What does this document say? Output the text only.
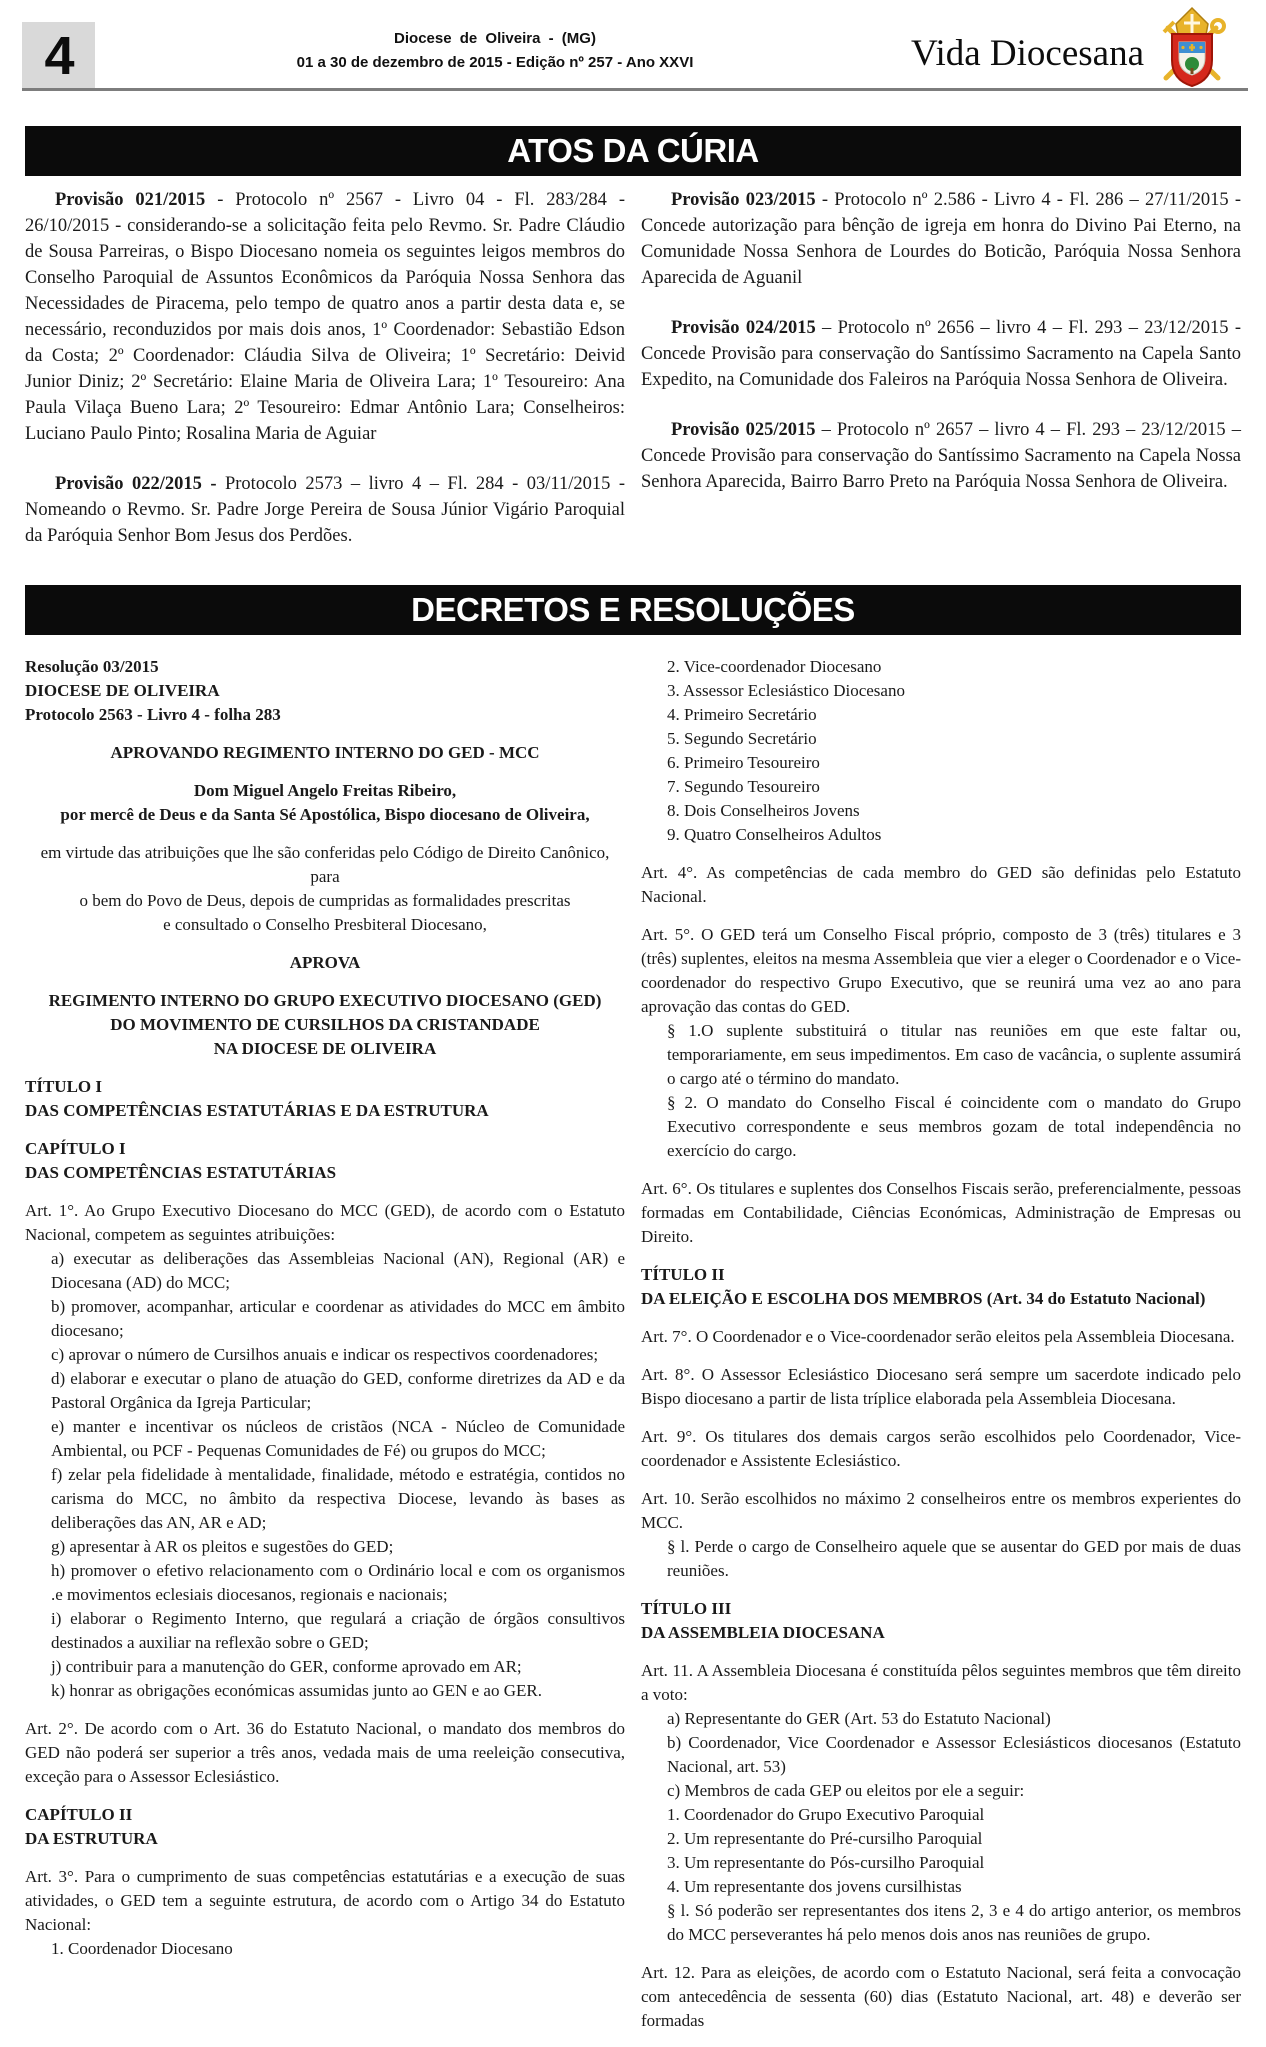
4	Diocese de Oliveira - (MG)
01 a 30 de dezembro de 2015 - Edição nº 257 - Ano XXVI	Vida Diocesana
ATOS DA CÚRIA
Provisão 021/2015 - Protocolo nº 2567 - Livro 04 - Fl. 283/284 - 26/10/2015 - considerando-se a solicitação feita pelo Revmo. Sr. Padre Cláudio de Sousa Parreiras, o Bispo Diocesano nomeia os seguintes leigos membros do Conselho Paroquial de Assuntos Econômicos da Paróquia Nossa Senhora das Necessidades de Piracema, pelo tempo de quatro anos a partir desta data e, se necessário, reconduzidos por mais dois anos, 1º Coordenador: Sebastião Edson da Costa; 2º Coordenador: Cláudia Silva de Oliveira; 1º Secretário: Deivid Junior Diniz; 2º Secretário: Elaine Maria de Oliveira Lara; 1º Tesoureiro: Ana Paula Vilaça Bueno Lara; 2º Tesoureiro: Edmar Antônio Lara; Conselheiros: Luciano Paulo Pinto; Rosalina Maria de Aguiar
Provisão 022/2015 - Protocolo 2573 – livro 4 – Fl. 284 - 03/11/2015 - Nomeando o Revmo. Sr. Padre Jorge Pereira de Sousa Júnior Vigário Paroquial da Paróquia Senhor Bom Jesus dos Perdões.
Provisão 023/2015 - Protocolo nº 2.586 - Livro 4 - Fl. 286 – 27/11/2015 - Concede autorização para bênção de igreja em honra do Divino Pai Eterno, na Comunidade Nossa Senhora de Lourdes do Boticão, Paróquia Nossa Senhora Aparecida de Aguanil
Provisão 024/2015 – Protocolo nº 2656 – livro 4 – Fl. 293 – 23/12/2015 - Concede Provisão para conservação do Santíssimo Sacramento na Capela Santo Expedito, na Comunidade dos Faleiros na Paróquia Nossa Senhora de Oliveira.
Provisão 025/2015 – Protocolo nº 2657 – livro 4 – Fl. 293 – 23/12/2015 – Concede Provisão para conservação do Santíssimo Sacramento na Capela Nossa Senhora Aparecida, Bairro Barro Preto na Paróquia Nossa Senhora de Oliveira.
DECRETOS E RESOLUÇÕES
Resolução 03/2015
DIOCESE DE OLIVEIRA
Protocolo 2563 - Livro 4 - folha 283
APROVANDO REGIMENTO INTERNO DO GED - MCC
Dom Miguel Angelo Freitas Ribeiro,
por mercê de Deus e da Santa Sé Apostólica, Bispo diocesano de Oliveira,
em virtude das atribuições que lhe são conferidas pelo Código de Direito Canônico, para
o bem do Povo de Deus, depois de cumpridas as formalidades prescritas
e consultado o Conselho Presbiteral Diocesano,
APROVA
REGIMENTO INTERNO DO GRUPO EXECUTIVO DIOCESANO (GED)
DO MOVIMENTO DE CURSILHOS DA CRISTANDADE
NA DIOCESE DE OLIVEIRA
TÍTULO I
DAS COMPETÊNCIAS ESTATUTÁRIAS E DA ESTRUTURA
CAPÍTULO I
DAS COMPETÊNCIAS ESTATUTÁRIAS
Art. 1°. Ao Grupo Executivo Diocesano do MCC (GED), de acordo com o Estatuto Nacional, competem as seguintes atribuições:
a) executar as deliberações das Assembleias Nacional (AN), Regional (AR) e Diocesana (AD) do MCC;
b) promover, acompanhar, articular e coordenar as atividades do MCC em âmbito diocesano;
c) aprovar o número de Cursilhos anuais e indicar os respectivos coordenadores;
d) elaborar e executar o plano de atuação do GED, conforme diretrizes da AD e da Pastoral Orgânica da Igreja Particular;
e) manter e incentivar os núcleos de cristãos (NCA - Núcleo de Comunidade Ambiental, ou PCF - Pequenas Comunidades de Fé) ou grupos do MCC;
f) zelar pela fidelidade à mentalidade, finalidade, método e estratégia, contidos no carisma do MCC, no âmbito da respectiva Diocese, levando às bases as deliberações das AN, AR e AD;
g) apresentar à AR os pleitos e sugestões do GED;
h) promover o efetivo relacionamento com o Ordinário local e com os organismos .e movimentos eclesiais diocesanos, regionais e nacionais;
i) elaborar o Regimento Interno, que regulará a criação de órgãos consultivos destinados a auxiliar na reflexão sobre o GED;
j) contribuir para a manutenção do GER, conforme aprovado em AR;
k) honrar as obrigações económicas assumidas junto ao GEN e ao GER.
Art. 2°. De acordo com o Art. 36 do Estatuto Nacional, o mandato dos membros do GED não poderá ser superior a três anos, vedada mais de uma reeleição consecutiva, exceção para o Assessor Eclesiástico.
CAPÍTULO II
DA ESTRUTURA
Art. 3°. Para o cumprimento de suas competências estatutárias e a execução de suas atividades, o GED tem a seguinte estrutura, de acordo com o Artigo 34 do Estatuto Nacional:
1. Coordenador Diocesano
2. Vice-coordenador Diocesano
3. Assessor Eclesiástico Diocesano
4. Primeiro Secretário
5. Segundo Secretário
6. Primeiro Tesoureiro
7. Segundo Tesoureiro
8. Dois Conselheiros Jovens
9. Quatro Conselheiros Adultos
Art. 4°. As competências de cada membro do GED são definidas pelo Estatuto Nacional.
Art. 5°. O GED terá um Conselho Fiscal próprio, composto de 3 (três) titulares e 3 (três) suplentes, eleitos na mesma Assembleia que vier a eleger o Coordenador e o Vice-coordenador do respectivo Grupo Executivo, que se reunirá uma vez ao ano para aprovação das contas do GED.
§ 1.O suplente substituirá o titular nas reuniões em que este faltar ou, temporariamente, em seus impedimentos. Em caso de vacância, o suplente assumirá o cargo até o término do mandato.
§ 2. O mandato do Conselho Fiscal é coincidente com o mandato do Grupo Executivo correspondente e seus membros gozam de total independência no exercício do cargo.
Art. 6°. Os titulares e suplentes dos Conselhos Fiscais serão, preferencialmente, pessoas formadas em Contabilidade, Ciências Económicas, Administração de Empresas ou Direito.
TÍTULO II
DA ELEIÇÃO E ESCOLHA DOS MEMBROS (Art. 34 do Estatuto Nacional)
Art. 7°. O Coordenador e o Vice-coordenador serão eleitos pela Assembleia Diocesana.
Art. 8°. O Assessor Eclesiástico Diocesano será sempre um sacerdote indicado pelo Bispo diocesano a partir de lista tríplice elaborada pela Assembleia Diocesana.
Art. 9°. Os titulares dos demais cargos serão escolhidos pelo Coordenador, Vice-coordenador e Assistente Eclesiástico.
Art. 10. Serão escolhidos no máximo 2 conselheiros entre os membros experientes do MCC.
§ l. Perde o cargo de Conselheiro aquele que se ausentar do GED por mais de duas reuniões.
TÍTULO III
DA ASSEMBLEIA DIOCESANA
Art. 11. A Assembleia Diocesana é constituída pêlos seguintes membros que têm direito a voto:
a) Representante do GER (Art. 53 do Estatuto Nacional)
b) Coordenador, Vice Coordenador e Assessor Eclesiásticos diocesanos (Estatuto Nacional, art. 53)
c) Membros de cada GEP ou eleitos por ele a seguir:
1. Coordenador do Grupo Executivo Paroquial
2. Um representante do Pré-cursilho Paroquial
3. Um representante do Pós-cursilho Paroquial
4. Um representante dos jovens cursilhistas
§ l. Só poderão ser representantes dos itens 2, 3 e 4 do artigo anterior, os membros do MCC perseverantes há pelo menos dois anos nas reuniões de grupo.
Art. 12. Para as eleições, de acordo com o Estatuto Nacional, será feita a convocação com antecedência de sessenta (60) dias (Estatuto Nacional, art. 48) e deverão ser formadas
